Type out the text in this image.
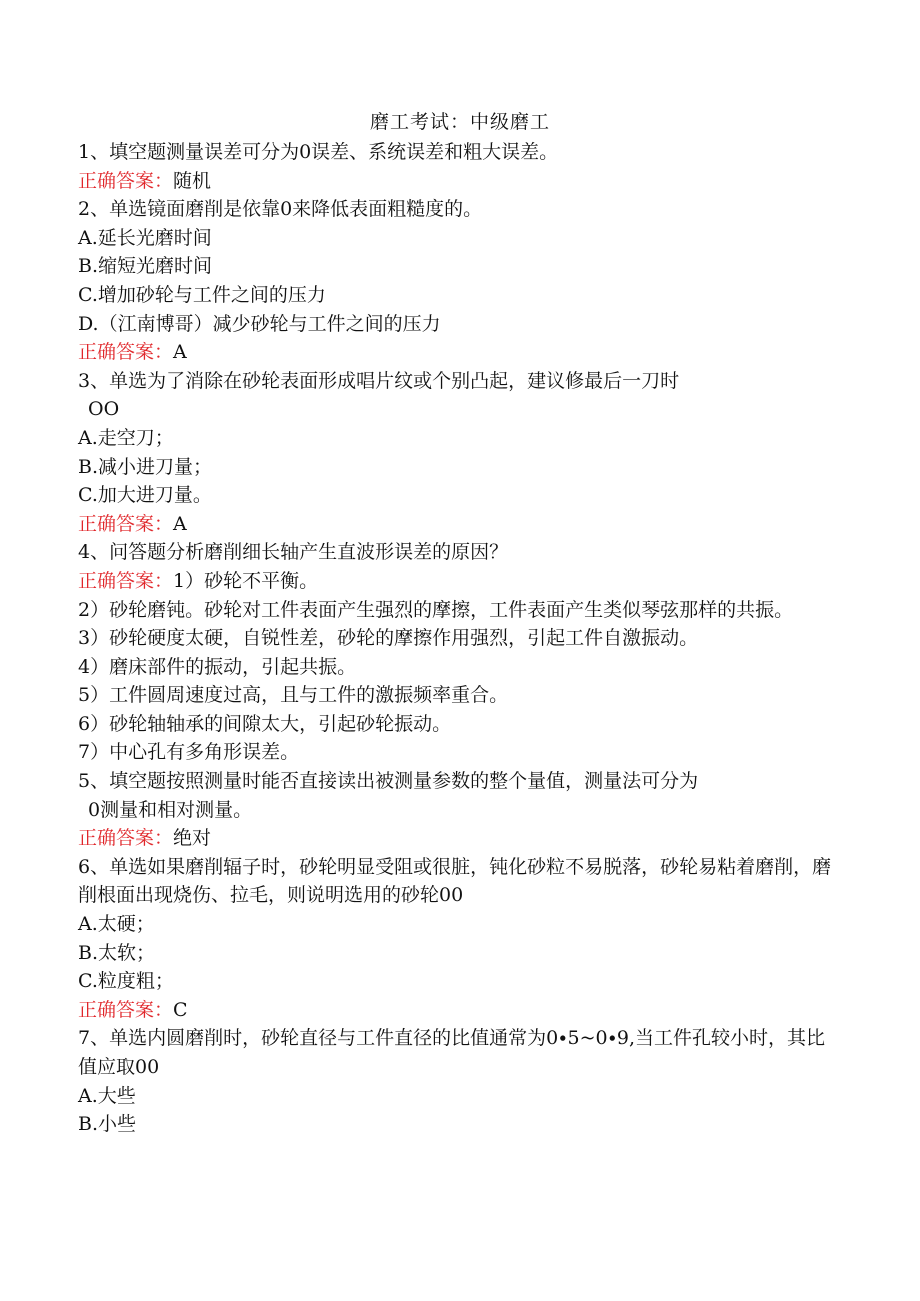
磨工考试：中级磨工
1、填空题测量误差可分为0误差、系统误差和粗大误差。
正确答案：随机
2、单选镜面磨削是依靠0来降低表面粗糙度的。
A.延长光磨时间
B.缩短光磨时间
C.增加砂轮与工件之间的压力
D.（江南博哥）减少砂轮与工件之间的压力
正确答案：A
3、单选为了消除在砂轮表面形成唱片纹或个别凸起，建议修最后一刀时
OO
A.走空刀；
B.减小进刀量；
C.加大进刀量。
正确答案：A
4、问答题分析磨削细长轴产生直波形误差的原因？
正确答案：1）砂轮不平衡。
2）砂轮磨钝。砂轮对工件表面产生强烈的摩擦，工件表面产生类似琴弦那样的共振。
3）砂轮硬度太硬，自锐性差，砂轮的摩擦作用强烈，引起工件自激振动。
4）磨床部件的振动，引起共振。
5）工件圆周速度过高，且与工件的激振频率重合。
6）砂轮轴轴承的间隙太大，引起砂轮振动。
7）中心孔有多角形误差。
5、填空题按照测量时能否直接读出被测量参数的整个量值，测量法可分为
0测量和相对测量。
正确答案：绝对
6、单选如果磨削辐子时，砂轮明显受阻或很脏，钝化砂粒不易脱落，砂轮易粘着磨削，磨削根面出现烧伤、拉毛，则说明选用的砂轮00
A.太硬；
B.太软；
C.粒度粗；
正确答案：C
7、单选内圆磨削时，砂轮直径与工件直径的比值通常为0∙5~0∙9,当工件孔较小时，其比值应取00
A.大些
B.小些
